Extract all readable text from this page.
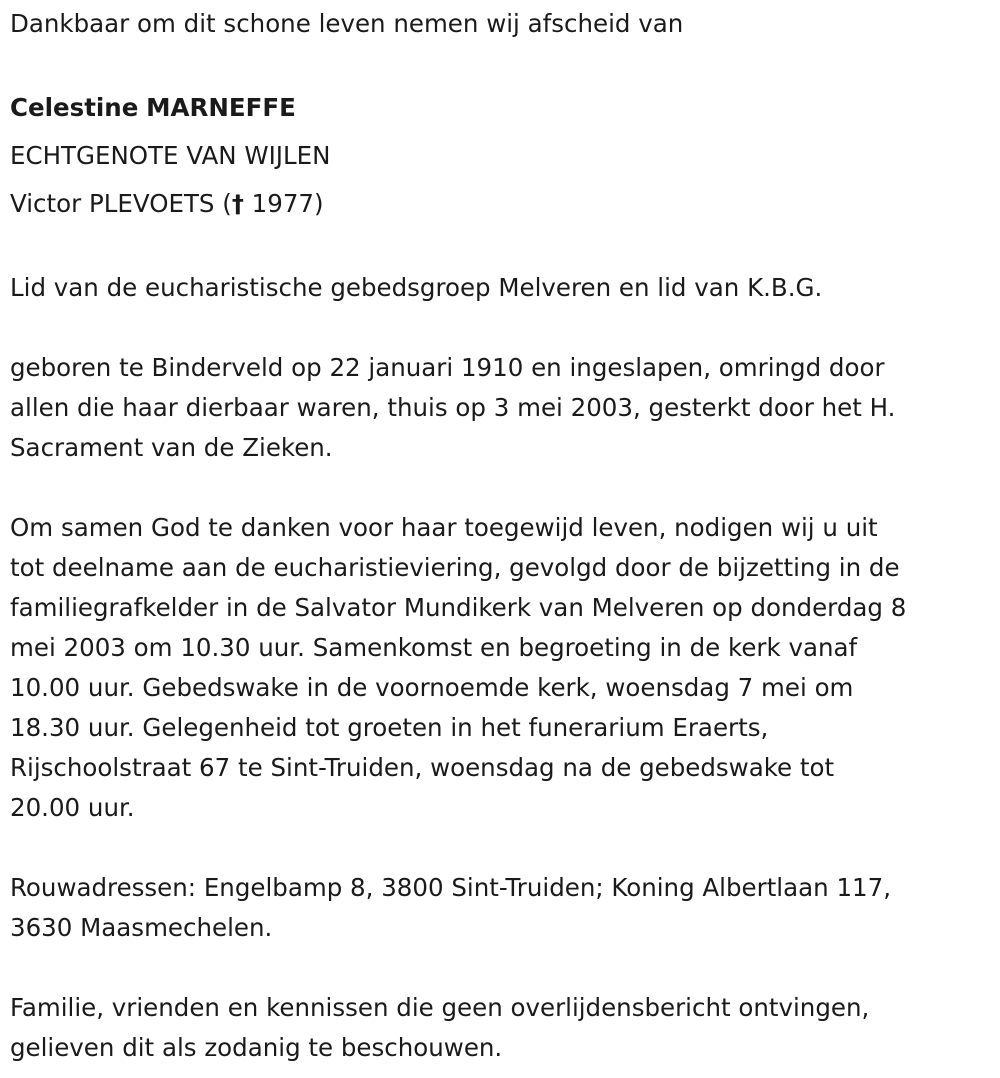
Dankbaar om dit schone leven nemen wij afscheid van
Celestine MARNEFFE
ECHTGENOTE VAN WIJLEN
Victor PLEVOETS († 1977)
Lid van de eucharistische gebedsgroep Melveren en lid van K.B.G.
geboren te Binderveld op 22 januari 1910 en ingeslapen, omringd door
allen die haar dierbaar waren, thuis op 3 mei 2003, gesterkt door het H.
Sacrament van de Zieken.
Om samen God te danken voor haar toegewijd leven, nodigen wij u uit
tot deelname aan de eucharistieviering, gevolgd door de bijzetting in de
familiegrafkelder in de Salvator Mundikerk van Melveren op donderdag 8
mei 2003 om 10.30 uur. Samenkomst en begroeting in de kerk vanaf
10.00 uur. Gebedswake in de voornoemde kerk, woensdag 7 mei om
18.30 uur. Gelegenheid tot groeten in het funerarium Eraerts,
Rijschoolstraat 67 te Sint-Truiden, woensdag na de gebedswake tot
20.00 uur.
Rouwadressen: Engelbamp 8, 3800 Sint-Truiden; Koning Albertlaan 117,
3630 Maasmechelen.
Familie, vrienden en kennissen die geen overlijdensbericht ontvingen,
gelieven dit als zodanig te beschouwen.
